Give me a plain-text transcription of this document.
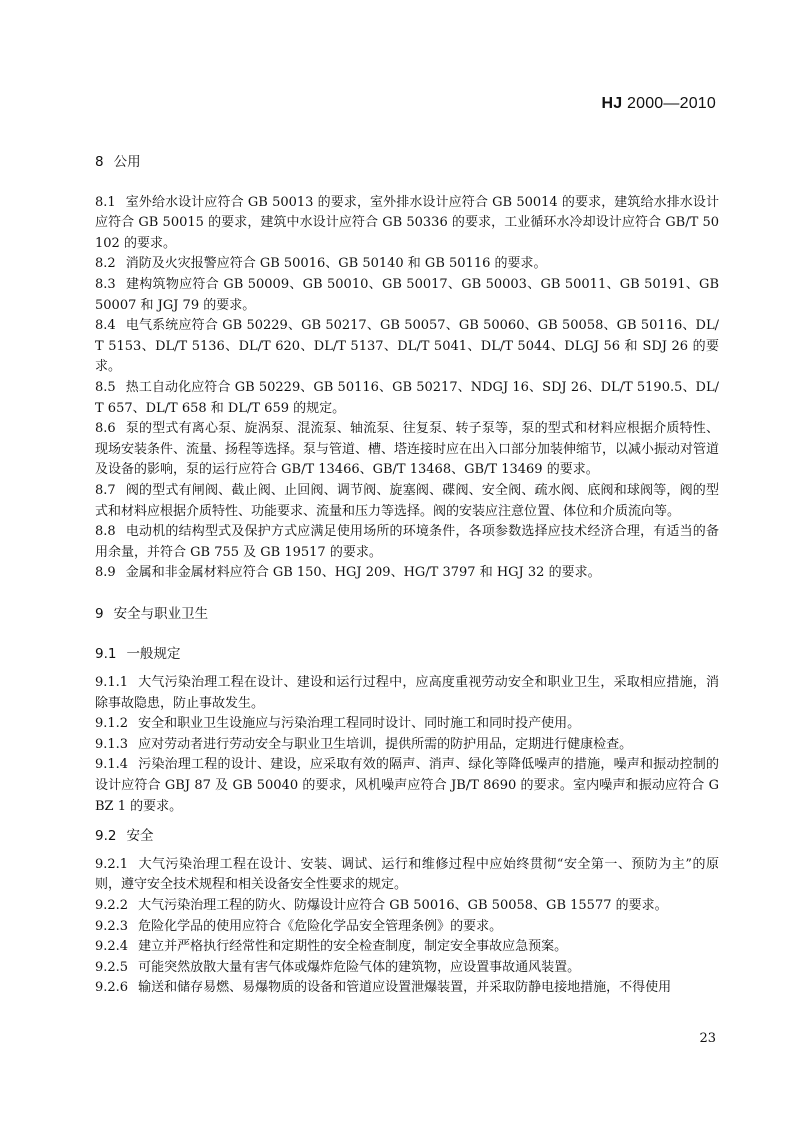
HJ 2000—2010
8 公用

8.1 室外给水设计应符合 GB 50013 的要求，室外排水设计应符合 GB 50014 的要求，建筑给水排水设计应符合 GB 50015 的要求，建筑中水设计应符合 GB 50336 的要求，工业循环水冷却设计应符合 GB/T 50102 的要求。

8.2 消防及火灾报警应符合 GB 50016、GB 50140 和 GB 50116 的要求。

8.3 建构筑物应符合 GB 50009、GB 50010、GB 50017、GB 50003、GB 50011、GB 50191、GB 50007 和 JGJ 79 的要求。

8.4 电气系统应符合 GB 50229、GB 50217、GB 50057、GB 50060、GB 50058、GB 50116、DL/T 5153、DL/T 5136、DL/T 620、DL/T 5137、DL/T 5041、DL/T 5044、DLGJ 56 和 SDJ 26 的要求。

8.5 热工自动化应符合 GB 50229、GB 50116、GB 50217、NDGJ 16、SDJ 26、DL/T 5190.5、DL/T 657、DL/T 658 和 DL/T 659 的规定。

8.6 泵的型式有离心泵、旋涡泵、混流泵、轴流泵、往复泵、转子泵等，泵的型式和材料应根据介质特性、现场安装条件、流量、扬程等选择。泵与管道、槽、塔连接时应在出入口部分加装伸缩节，以减小振动对管道及设备的影响，泵的运行应符合 GB/T 13466、GB/T 13468、GB/T 13469 的要求。

8.7 阀的型式有闸阀、截止阀、止回阀、调节阀、旋塞阀、碟阀、安全阀、疏水阀、底阀和球阀等，阀的型式和材料应根据介质特性、功能要求、流量和压力等选择。阀的安装应注意位置、体位和介质流向等。

8.8 电动机的结构型式及保护方式应满足使用场所的环境条件，各项参数选择应技术经济合理，有适当的备用余量，并符合 GB 755 及 GB 19517 的要求。

8.9 金属和非金属材料应符合 GB 150、HGJ 209、HG/T 3797 和 HGJ 32 的要求。

9 安全与职业卫生
9.1 一般规定

9.1.1 大气污染治理工程在设计、建设和运行过程中，应高度重视劳动安全和职业卫生，采取相应措施，消除事故隐患，防止事故发生。

9.1.2 安全和职业卫生设施应与污染治理工程同时设计、同时施工和同时投产使用。

9.1.3 应对劳动者进行劳动安全与职业卫生培训，提供所需的防护用品，定期进行健康检查。

9.1.4 污染治理工程的设计、建设，应采取有效的隔声、消声、绿化等降低噪声的措施，噪声和振动控制的设计应符合 GBJ 87 及 GB 50040 的要求，风机噪声应符合 JB/T 8690 的要求。室内噪声和振动应符合 GBZ 1 的要求。

9.2 安全

9.2.1 大气污染治理工程在设计、安装、调试、运行和维修过程中应始终贯彻“安全第一、预防为主”的原则，遵守安全技术规程和相关设备安全性要求的规定。

9.2.2 大气污染治理工程的防火、防爆设计应符合 GB 50016、GB 50058、GB 15577 的要求。

9.2.3 危险化学品的使用应符合《危险化学品安全管理条例》的要求。

9.2.4 建立并严格执行经常性和定期性的安全检查制度，制定安全事故应急预案。

9.2.5 可能突然放散大量有害气体或爆炸危险气体的建筑物，应设置事故通风装置。

9.2.6 输送和储存易燃、易爆物质的设备和管道应设置泄爆装置，并采取防静电接地措施，不得使用

23
